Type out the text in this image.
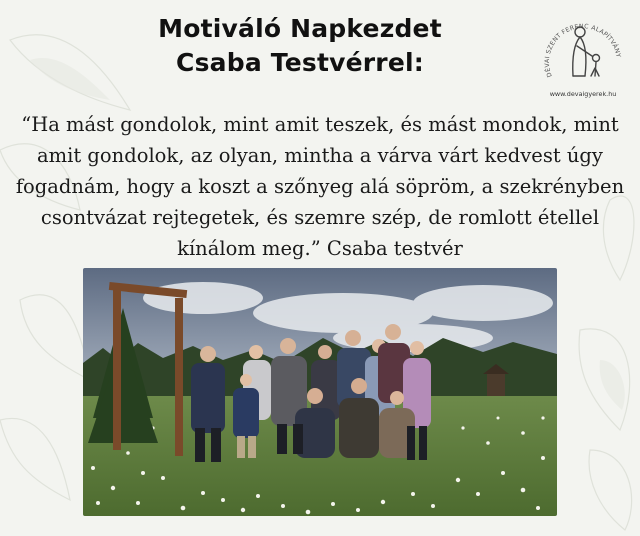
Motiváló Napkezdet
Csaba Testvérrel:	DÉVAI SZENT FERENC ALAPÍTVÁNY
www.devaigyerek.hu
“Ha mást gondolok, mint amit teszek, és mást mondok, mint amit gondolok, az olyan, mintha a várva várt kedvest úgy fogadnám, hogy a koszt a szőnyeg alá söpröm, a szekrényben csontvázat rejtegetek, és szemre szép, de romlott étellel kínálom meg.” Csaba testvér
